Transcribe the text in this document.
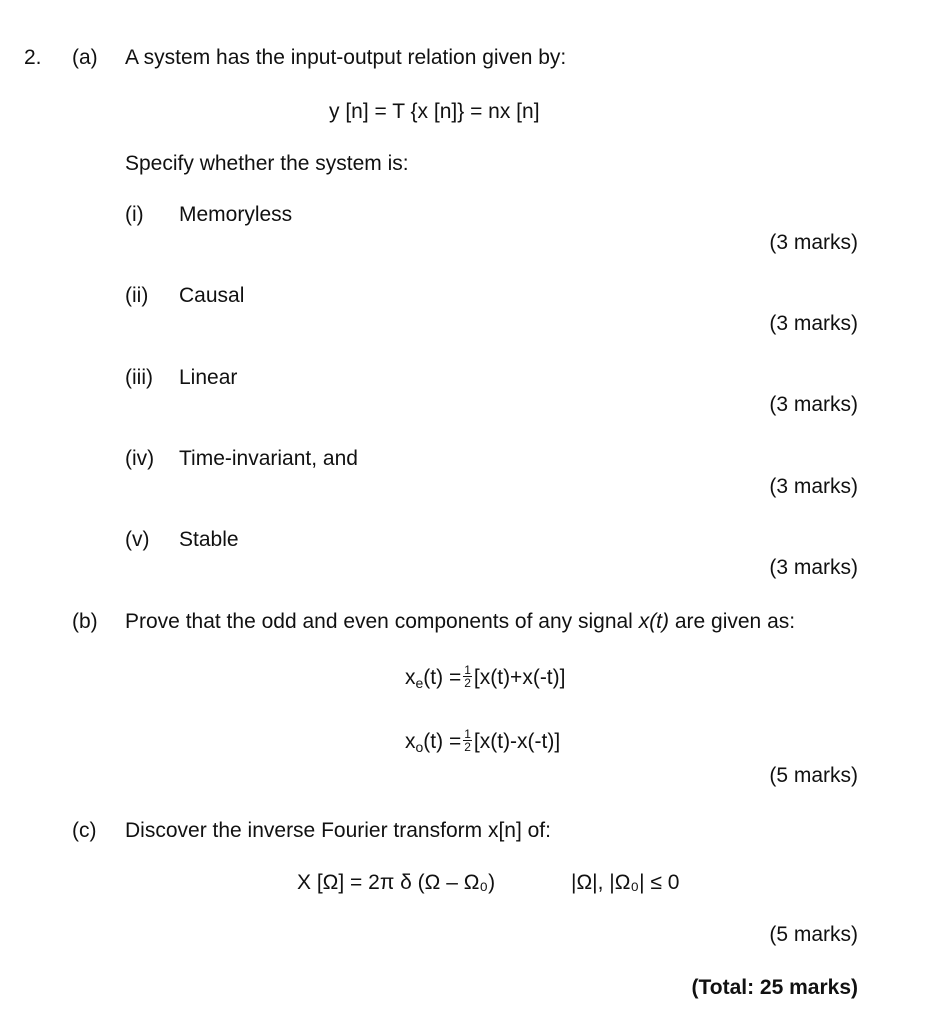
2. (a) A system has the input-output relation given by:
y [n] = T {x [n]} = nx [n]
Specify whether the system is:
(i) Memoryless
(3 marks)
(ii) Causal
(3 marks)
(iii) Linear
(3 marks)
(iv) Time-invariant, and
(3 marks)
(v) Stable
(3 marks)
(b) Prove that the odd and even components of any signal x(t) are given as:
$x_e(t) = \frac{1}{2} [x(t)+x(-t)]$
$x_o(t) = \frac{1}{2} [x(t)-x(-t)]$
(5 marks)
(c) Discover the inverse Fourier transform x[n] of:
X [Ω] = 2π δ (Ω – Ω₀)	|Ω|, |Ω₀| ≤ 0
(5 marks)
(Total: 25 marks)
